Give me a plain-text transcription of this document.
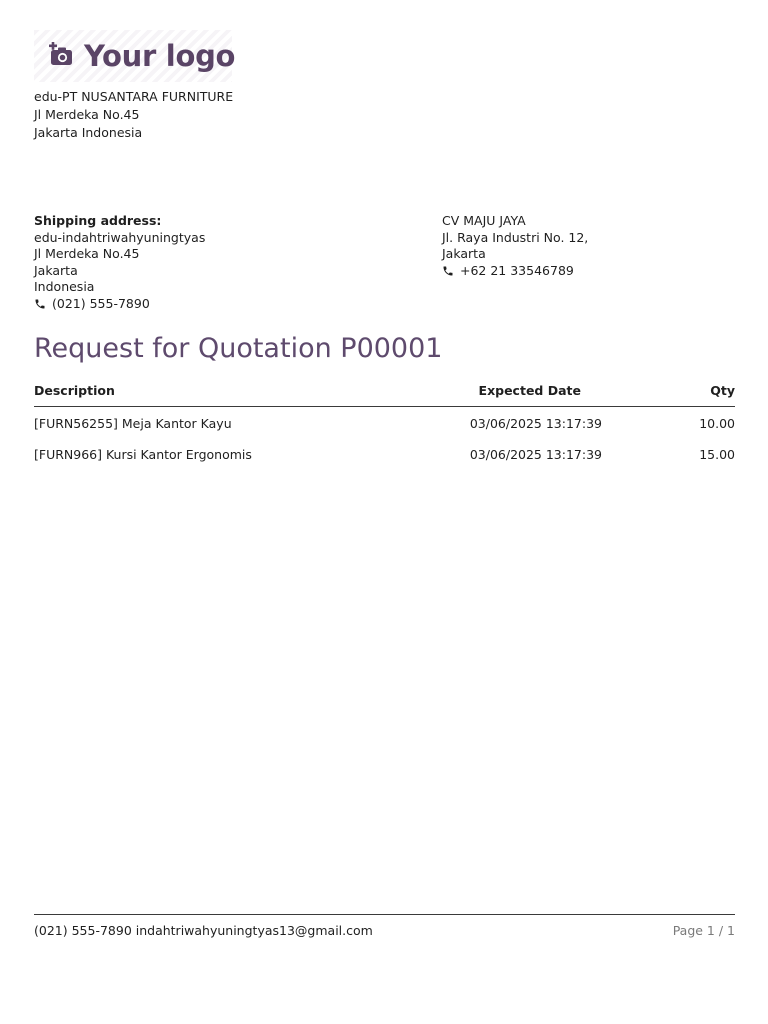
Your logo
edu-PT NUSANTARA FURNITURE
Jl Merdeka No.45
Jakarta Indonesia
Shipping address:
edu-indahtriwahyuningtyas
Jl Merdeka No.45
Jakarta
Indonesia
(021) 555-7890
CV MAJU JAYA
Jl. Raya Industri No. 12,
Jakarta
+62 21 33546789
Request for Quotation P00001
Description	Expected Date	Qty
[FURN56255] Meja Kantor Kayu	03/06/2025 13:17:39	10.00
[FURN966] Kursi Kantor Ergonomis	03/06/2025 13:17:39	15.00
(021) 555-7890 indahtriwahyuningtyas13@gmail.com	Page 1 / 1
